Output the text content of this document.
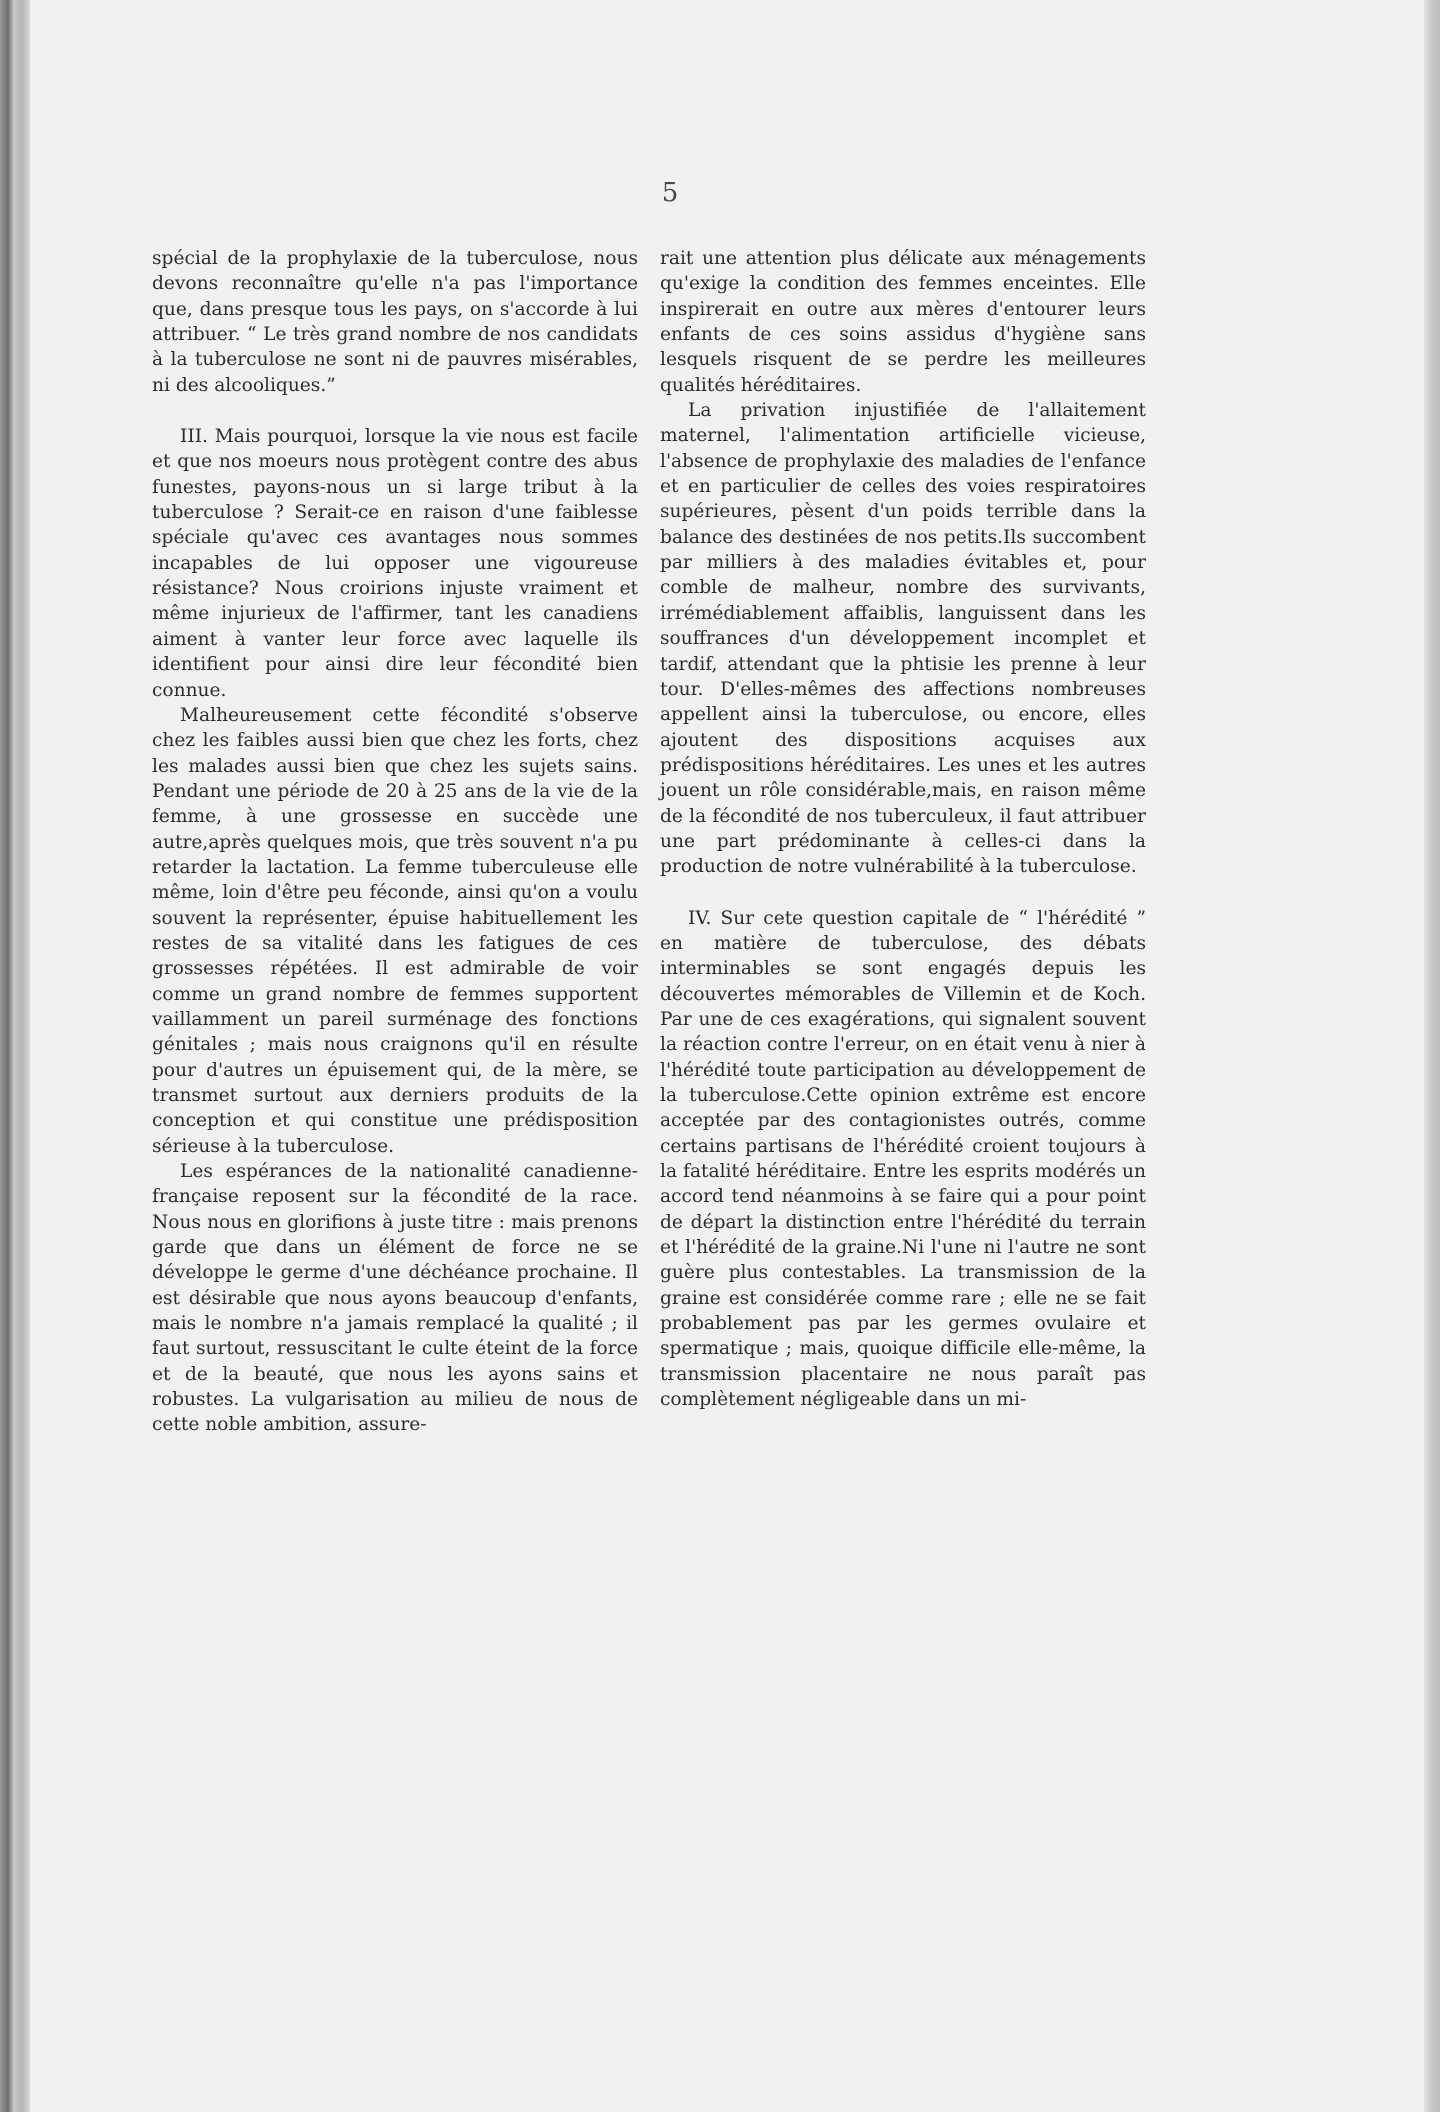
5

spécial de la prophylaxie de la tuberculose, nous devons reconnaître qu'elle n'a pas l'importance que, dans presque tous les pays, on s'accorde à lui attribuer. “ Le très grand nombre de nos candidats à la tuberculose ne sont ni de pauvres misérables, ni des alcooliques.”

III. Mais pourquoi, lorsque la vie nous est facile et que nos moeurs nous protègent contre des abus funestes, payons-nous un si large tribut à la tuberculose ? Serait-ce en raison d'une faiblesse spéciale qu'avec ces avantages nous sommes incapables de lui opposer une vigoureuse résistance? Nous croirions injuste vraiment et même injurieux de l'affirmer, tant les canadiens aiment à vanter leur force avec laquelle ils identifient pour ainsi dire leur fécondité bien connue.

Malheureusement cette fécondité s'observe chez les faibles aussi bien que chez les forts, chez les malades aussi bien que chez les sujets sains. Pendant une période de 20 à 25 ans de la vie de la femme, à une grossesse en succède une autre,après quelques mois, que très souvent n'a pu retarder la lactation. La femme tuberculeuse elle même, loin d'être peu féconde, ainsi qu'on a voulu souvent la représenter, épuise habituellement les restes de sa vitalité dans les fatigues de ces grossesses répétées. Il est admirable de voir comme un grand nombre de femmes supportent vaillamment un pareil surménage des fonctions génitales ; mais nous craignons qu'il en résulte pour d'autres un épuisement qui, de la mère, se transmet surtout aux derniers produits de la conception et qui constitue une prédisposition sérieuse à la tuberculose.

Les espérances de la nationalité canadienne-française reposent sur la fécondité de la race. Nous nous en glorifions à juste titre : mais prenons garde que dans un élément de force ne se développe le germe d'une déchéance prochaine. Il est désirable que nous ayons beaucoup d'enfants, mais le nombre n'a jamais remplacé la qualité ; il faut surtout, ressuscitant le culte éteint de la force et de la beauté, que nous les ayons sains et robustes. La vulgarisation au milieu de nous de cette noble ambition, assure-

rait une attention plus délicate aux ménagements qu'exige la condition des femmes enceintes. Elle inspirerait en outre aux mères d'entourer leurs enfants de ces soins assidus d'hygiène sans lesquels risquent de se perdre les meilleures qualités héréditaires.

La privation injustifiée de l'allaitement maternel, l'alimentation artificielle vicieuse, l'absence de prophylaxie des maladies de l'enfance et en particulier de celles des voies respiratoires supérieures, pèsent d'un poids terrible dans la balance des destinées de nos petits.Ils succombent par milliers à des maladies évitables et, pour comble de malheur, nombre des survivants, irrémédiablement affaiblis, languissent dans les souffrances d'un développement incomplet et tardif, attendant que la phtisie les prenne à leur tour. D'elles-mêmes des affections nombreuses appellent ainsi la tuberculose, ou encore, elles ajoutent des dispositions acquises aux prédispositions héréditaires. Les unes et les autres jouent un rôle considérable,mais, en raison même de la fécondité de nos tuberculeux, il faut attribuer une part prédominante à celles-ci dans la production de notre vulnérabilité à la tuberculose.

IV. Sur cete question capitale de “ l'hérédité ” en matière de tuberculose, des débats interminables se sont engagés depuis les découvertes mémorables de Villemin et de Koch. Par une de ces exagérations, qui signalent souvent la réaction contre l'erreur, on en était venu à nier à l'hérédité toute participation au développement de la tuberculose.Cette opinion extrême est encore acceptée par des contagionistes outrés, comme certains partisans de l'hérédité croient toujours à la fatalité héréditaire. Entre les esprits modérés un accord tend néanmoins à se faire qui a pour point de départ la distinction entre l'hérédité du terrain et l'hérédité de la graine.Ni l'une ni l'autre ne sont guère plus contestables. La transmission de la graine est considérée comme rare ; elle ne se fait probablement pas par les germes ovulaire et spermatique ; mais, quoique difficile elle-même, la transmission placentaire ne nous paraît pas complètement négligeable dans un mi-
